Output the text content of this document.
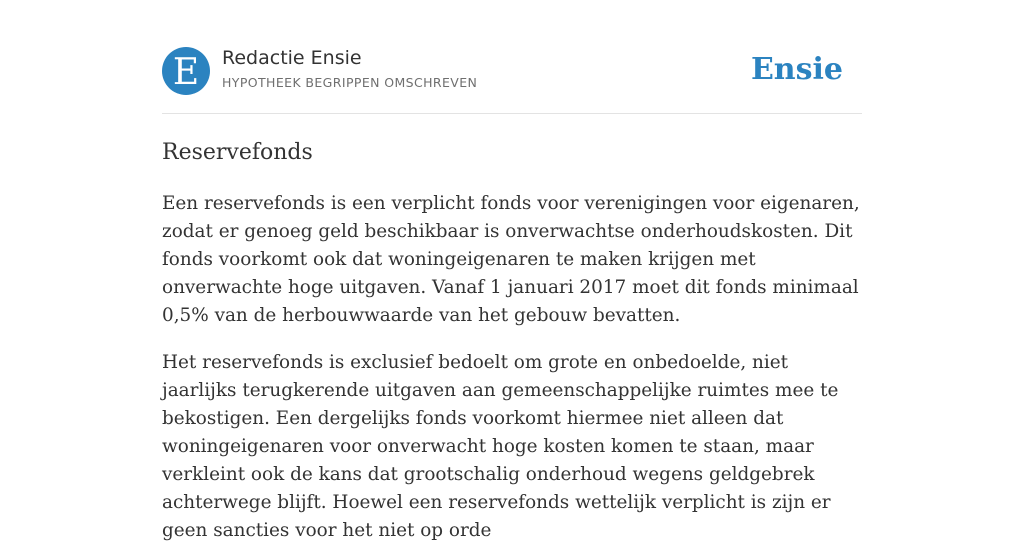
E Redactie Ensie
HYPOTHEEK BEGRIPPEN OMSCHREVEN	Ensie
Reservefonds

Een reservefonds is een verplicht fonds voor verenigingen voor eigenaren, zodat er genoeg geld beschikbaar is onverwachtse onderhoudskosten. Dit fonds voorkomt ook dat woningeigenaren te maken krijgen met onverwachte hoge uitgaven. Vanaf 1 januari 2017 moet dit fonds minimaal 0,5% van de herbouwwaarde van het gebouw bevatten.

Het reservefonds is exclusief bedoelt om grote en onbedoelde, niet jaarlijks terugkerende uitgaven aan gemeenschappelijke ruimtes mee te bekostigen. Een dergelijks fonds voorkomt hiermee niet alleen dat woningeigenaren voor onverwacht hoge kosten komen te staan, maar verkleint ook de kans dat grootschalig onderhoud wegens geldgebrek achterwege blijft. Hoewel een reservefonds wettelijk verplicht is zijn er geen sancties voor het niet op orde
